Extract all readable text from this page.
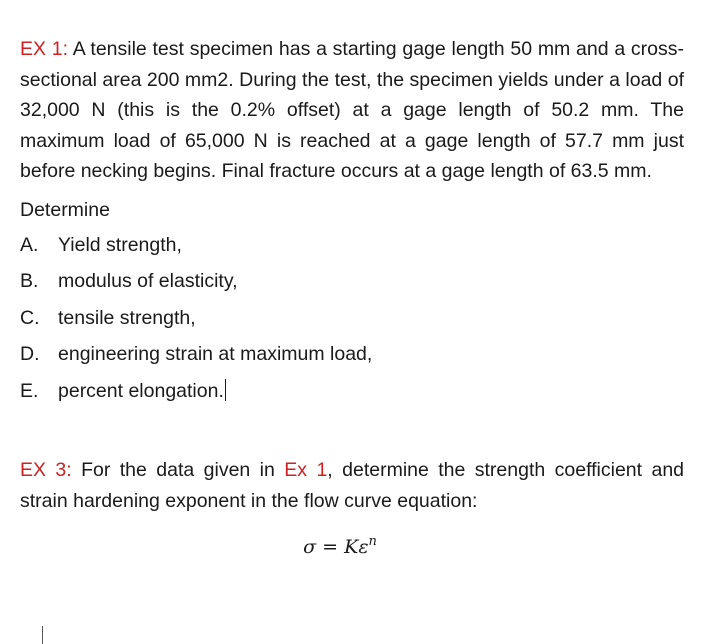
EX 1: A tensile test specimen has a starting gage length 50 mm and a cross-sectional area 200 mm2. During the test, the specimen yields under a load of 32,000 N (this is the 0.2% offset) at a gage length of 50.2 mm. The maximum load of 65,000 N is reached at a gage length of 57.7 mm just before necking begins. Final fracture occurs at a gage length of 63.5 mm.

Determine
A.	Yield strength,
B.	modulus of elasticity,
C. tensile strength,
D. engineering strain at maximum load,
E.	percent elongation.

EX 3: For the data given in Ex 1, determine the strength coefficient and strain hardening exponent in the flow curve equation:

$\sigma = K\varepsilon^n$
